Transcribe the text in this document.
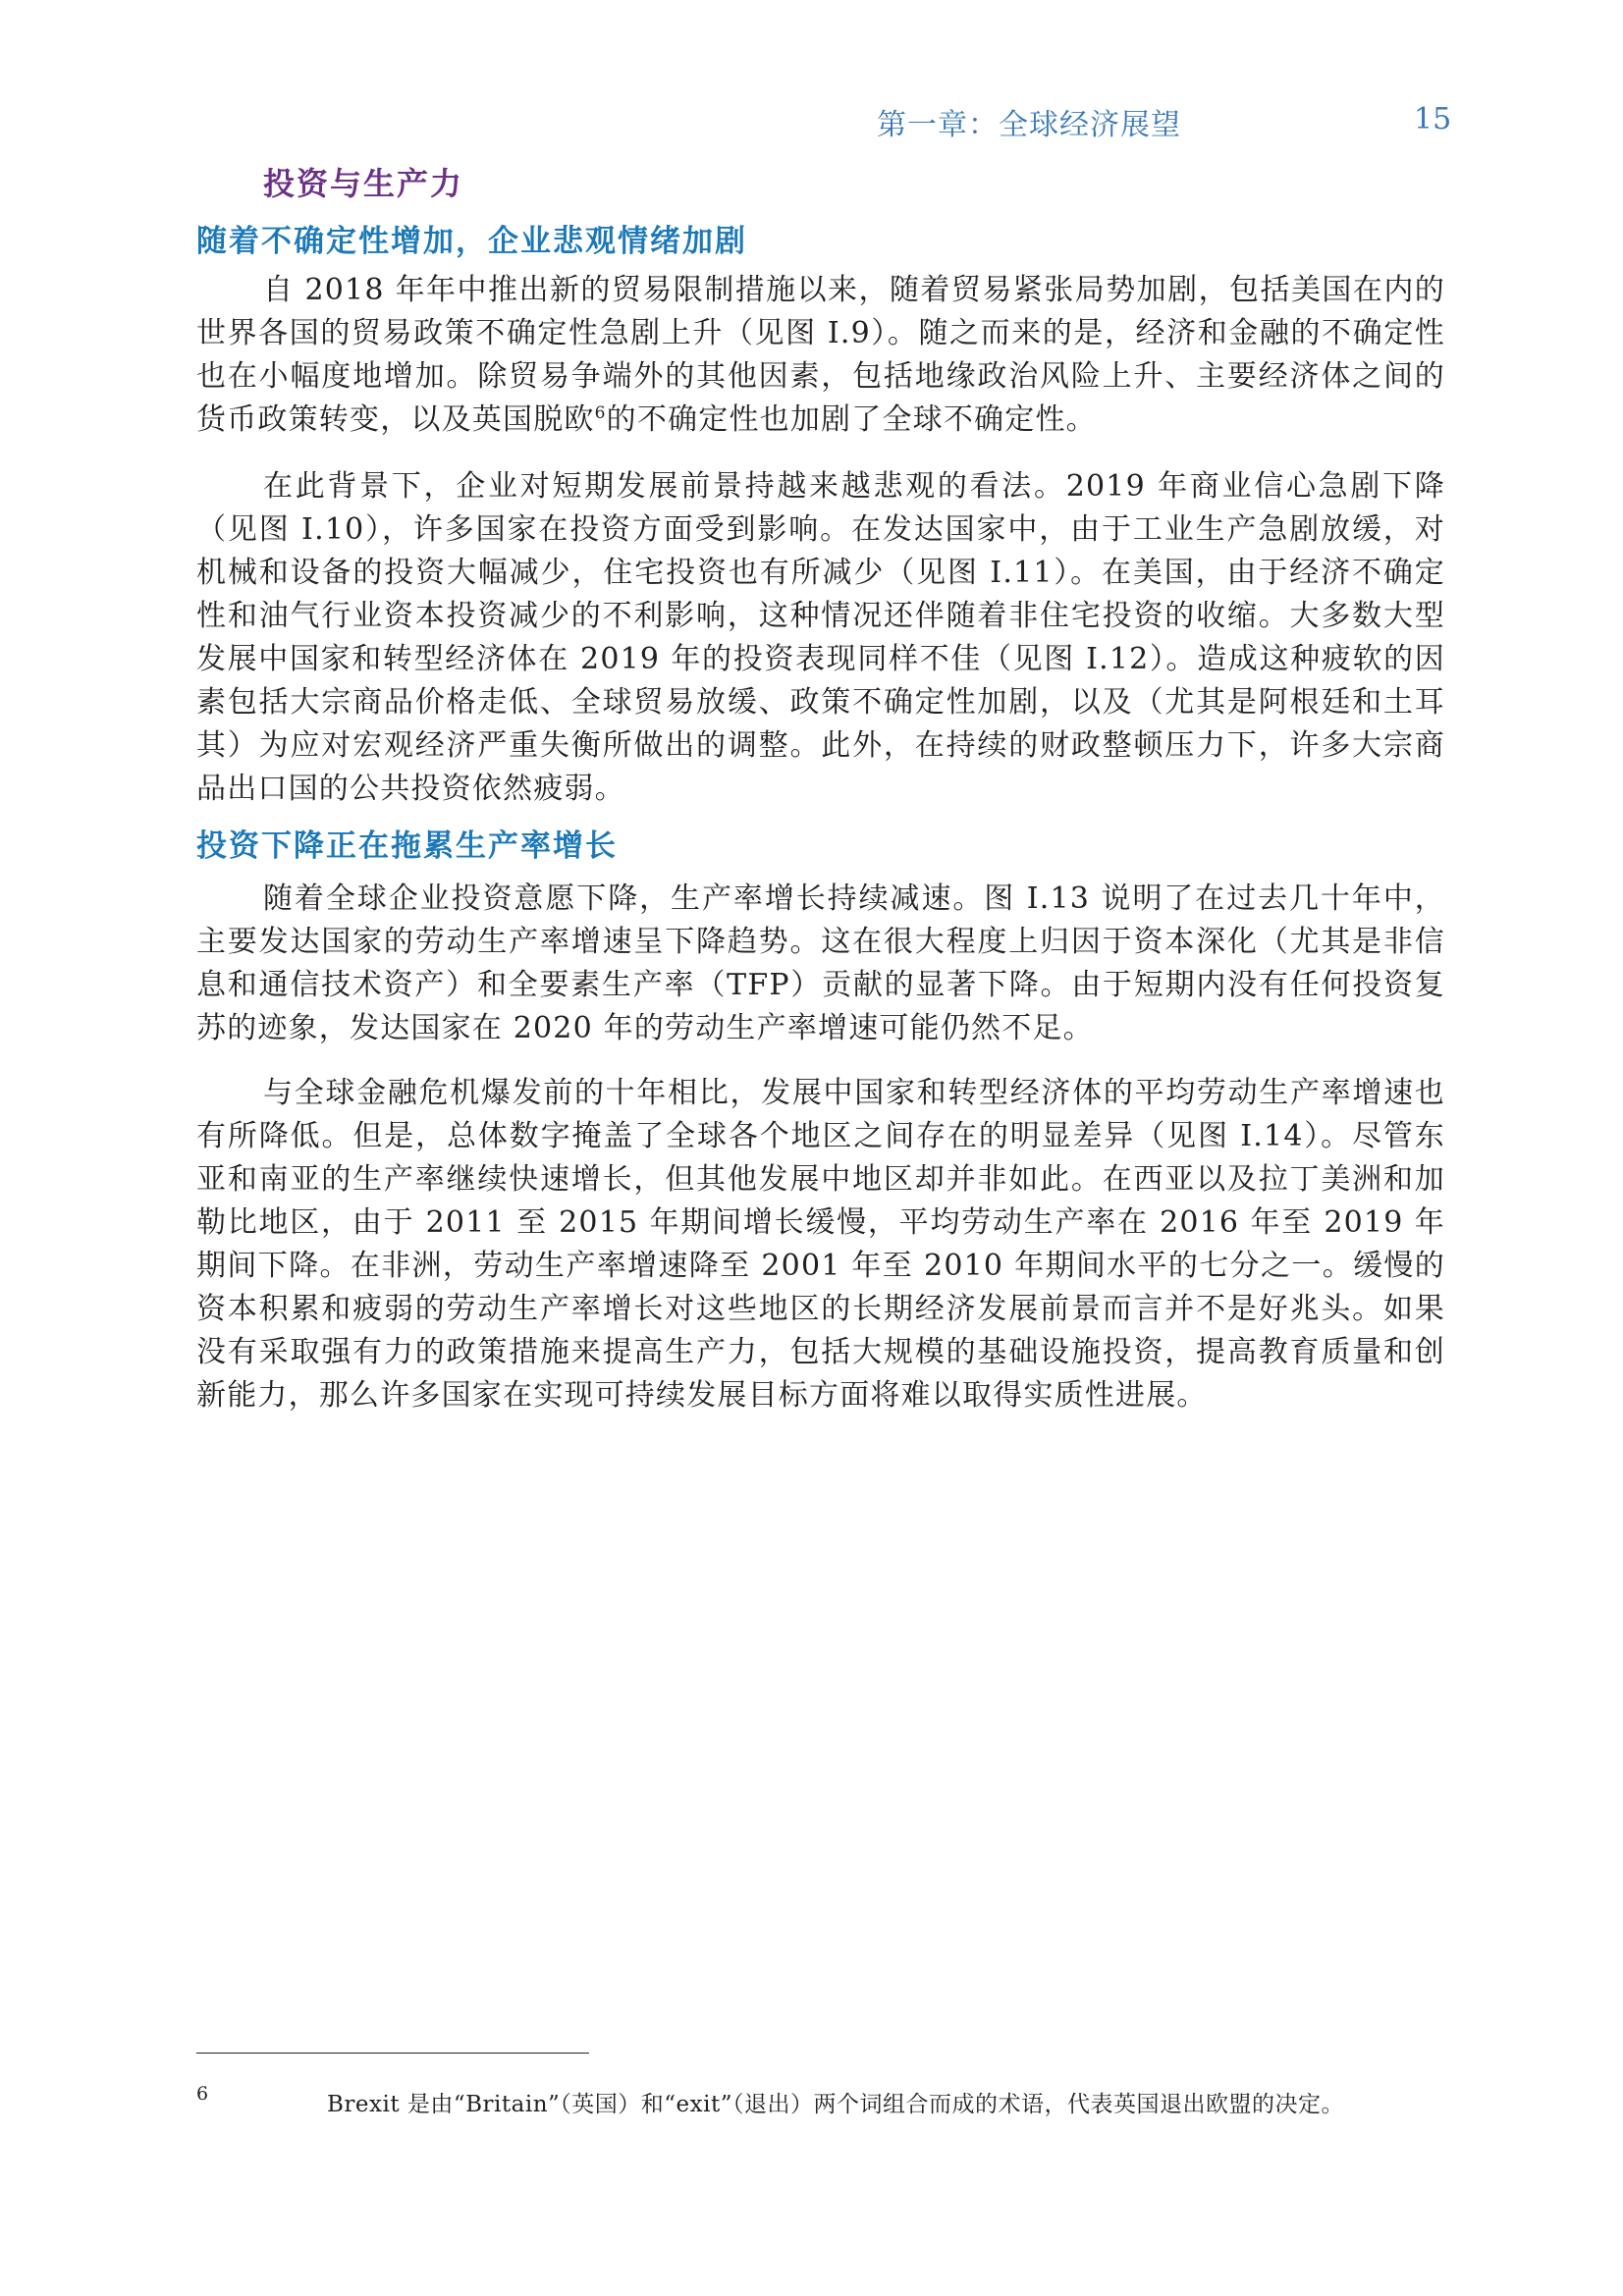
第一章：全球经济展望	15
投资与生产力
随着不确定性增加，企业悲观情绪加剧
自 2018 年年中推出新的贸易限制措施以来，随着贸易紧张局势加剧，包括美国在内的世界各国的贸易政策不确定性急剧上升（见图 I.9）。随之而来的是，经济和金融的不确定性也在小幅度地增加。除贸易争端外的其他因素，包括地缘政治风险上升、主要经济体之间的货币政策转变，以及英国脱欧$^6$的不确定性也加剧了全球不确定性。
在此背景下，企业对短期发展前景持越来越悲观的看法。2019 年商业信心急剧下降（见图 I.10），许多国家在投资方面受到影响。在发达国家中，由于工业生产急剧放缓，对机械和设备的投资大幅减少，住宅投资也有所减少（见图 I.11）。在美国，由于经济不确定性和油气行业资本投资减少的不利影响，这种情况还伴随着非住宅投资的收缩。大多数大型发展中国家和转型经济体在 2019 年的投资表现同样不佳（见图 I.12）。造成这种疲软的因素包括大宗商品价格走低、全球贸易放缓、政策不确定性加剧，以及（尤其是阿根廷和土耳其）为应对宏观经济严重失衡所做出的调整。此外，在持续的财政整顿压力下，许多大宗商品出口国的公共投资依然疲弱。
投资下降正在拖累生产率增长
随着全球企业投资意愿下降，生产率增长持续减速。图 I.13 说明了在过去几十年中，主要发达国家的劳动生产率增速呈下降趋势。这在很大程度上归因于资本深化（尤其是非信息和通信技术资产）和全要素生产率（TFP）贡献的显著下降。由于短期内没有任何投资复苏的迹象，发达国家在 2020 年的劳动生产率增速可能仍然不足。
与全球金融危机爆发前的十年相比，发展中国家和转型经济体的平均劳动生产率增速也有所降低。但是，总体数字掩盖了全球各个地区之间存在的明显差异（见图 I.14）。尽管东亚和南亚的生产率继续快速增长，但其他发展中地区却并非如此。在西亚以及拉丁美洲和加勒比地区，由于 2011 至 2015 年期间增长缓慢，平均劳动生产率在 2016 年至 2019 年期间下降。在非洲，劳动生产率增速降至 2001 年至 2010 年期间水平的七分之一。缓慢的资本积累和疲弱的劳动生产率增长对这些地区的长期经济发展前景而言并不是好兆头。如果没有采取强有力的政策措施来提高生产力，包括大规模的基础设施投资，提高教育质量和创新能力，那么许多国家在实现可持续发展目标方面将难以取得实质性进展。
6	Brexit 是由“Britain”（英国）和“exit”（退出）两个词组合而成的术语，代表英国退出欧盟的决定。
